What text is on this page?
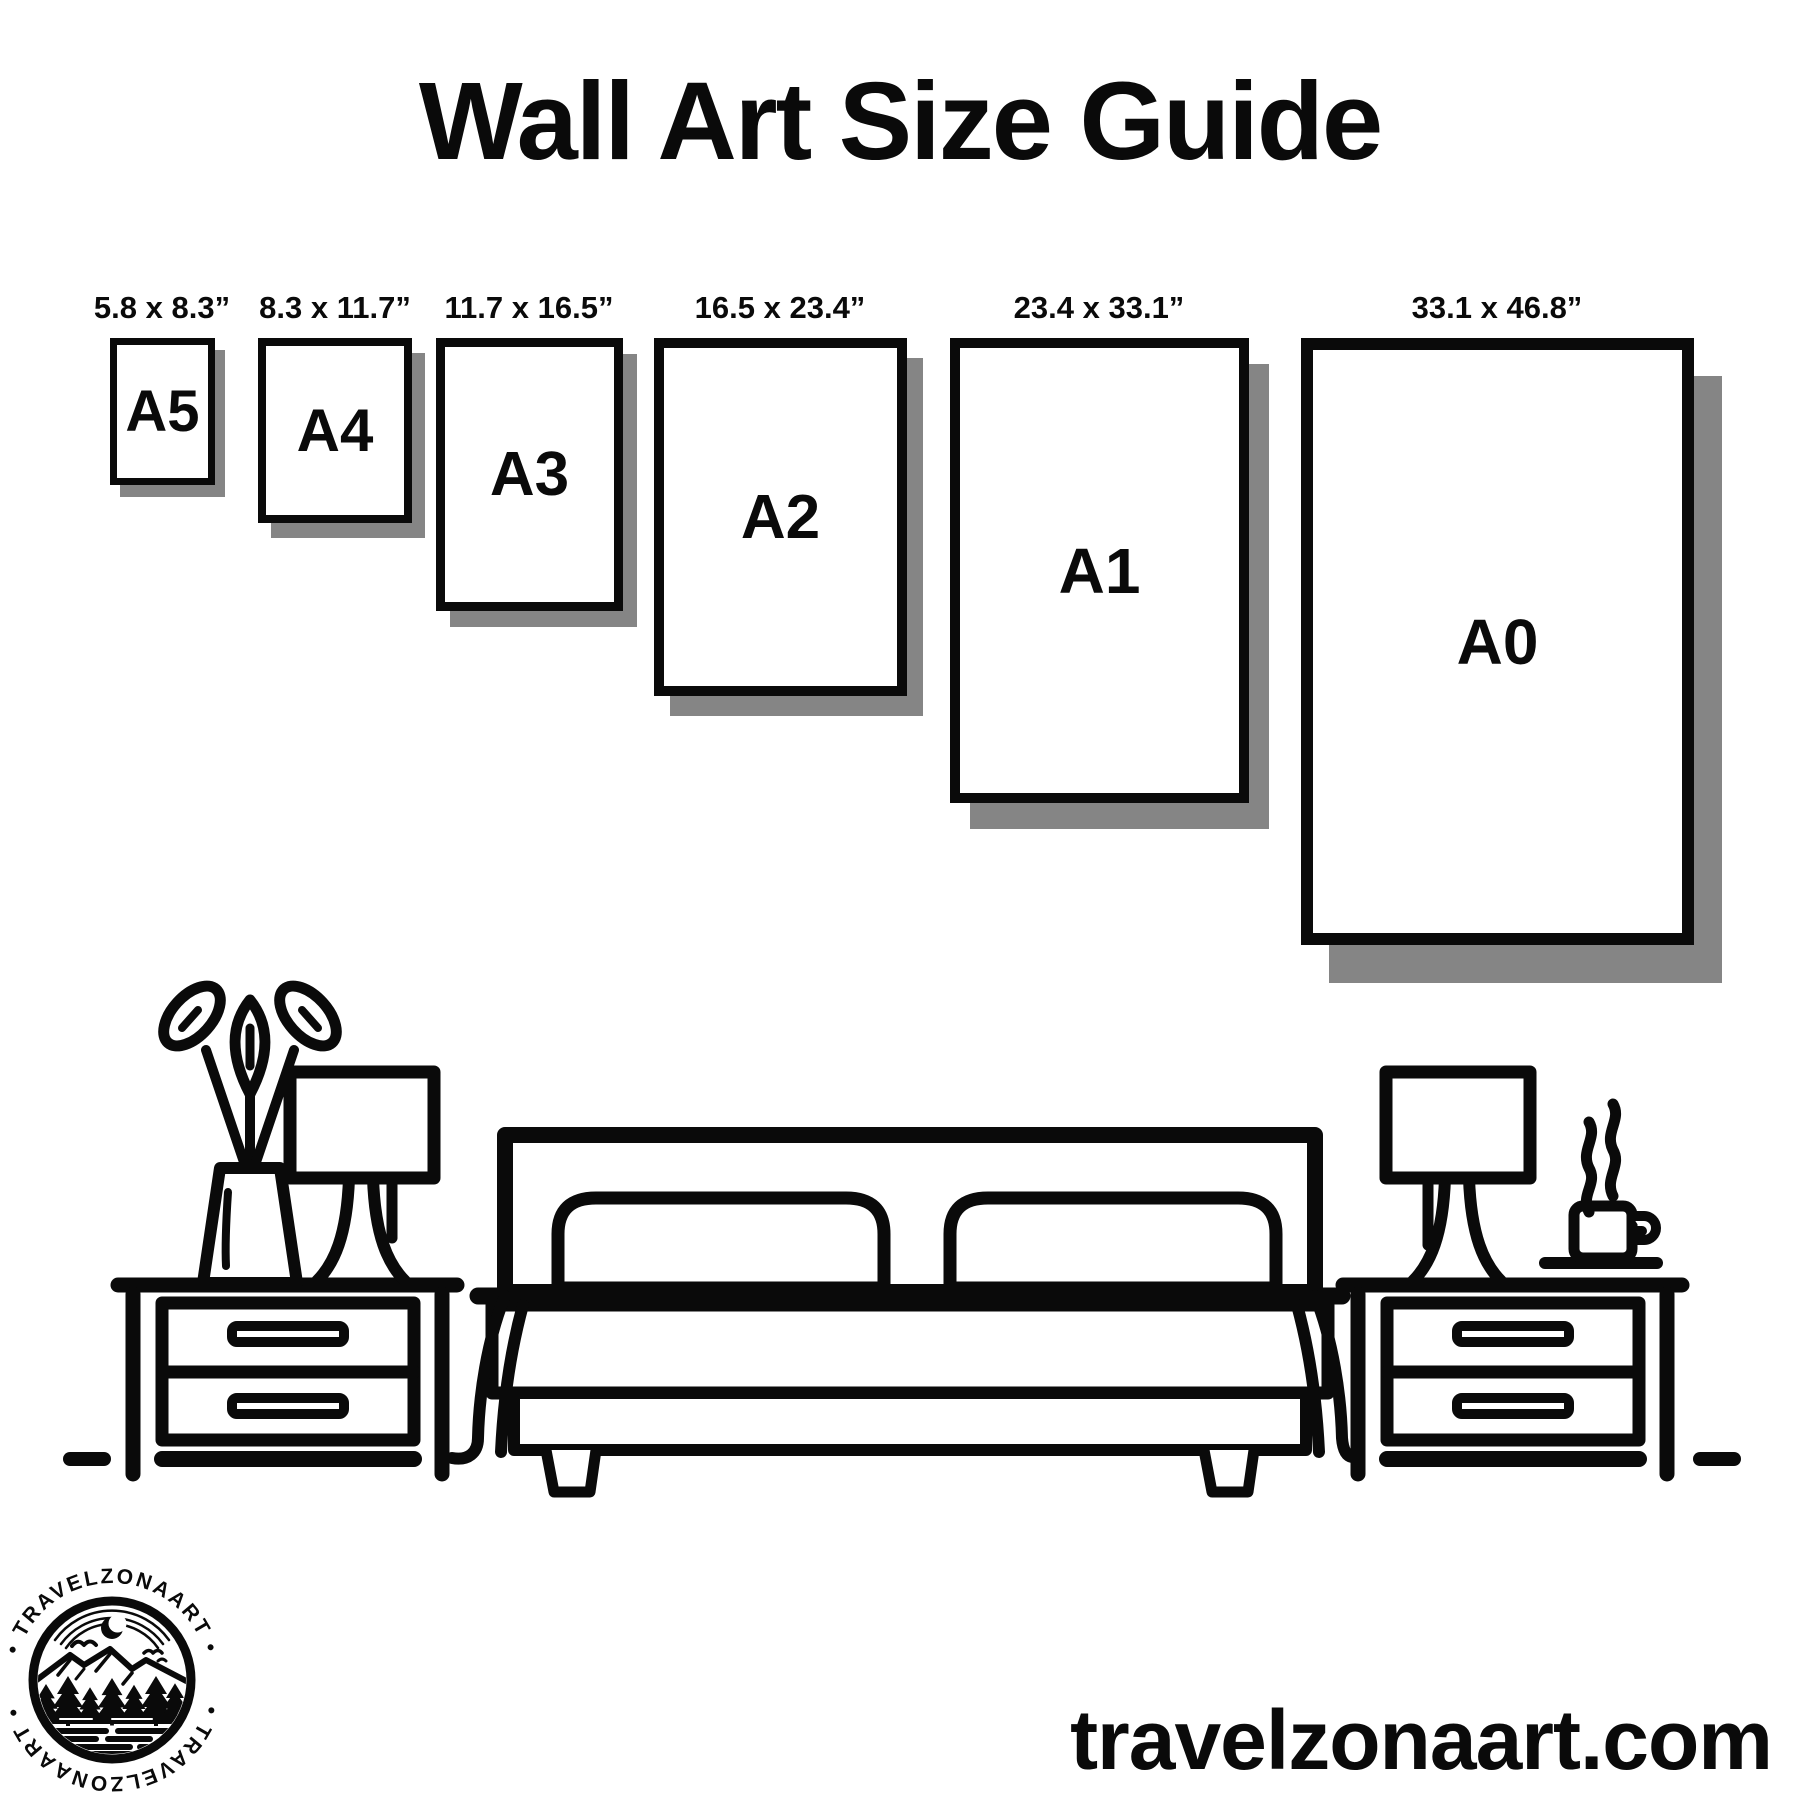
Wall Art Size Guide
5.8 x 8.3” 8.3 x 11.7”	11.7 x 16.5”	16.5 x 23.4”	23.4 x 33.1”	33.1 x 46.8”
A5 A4
A3
A2
A1
A0
• TRAVELZONAART •
• TRAVELZONAART •	travelzonaart.com
